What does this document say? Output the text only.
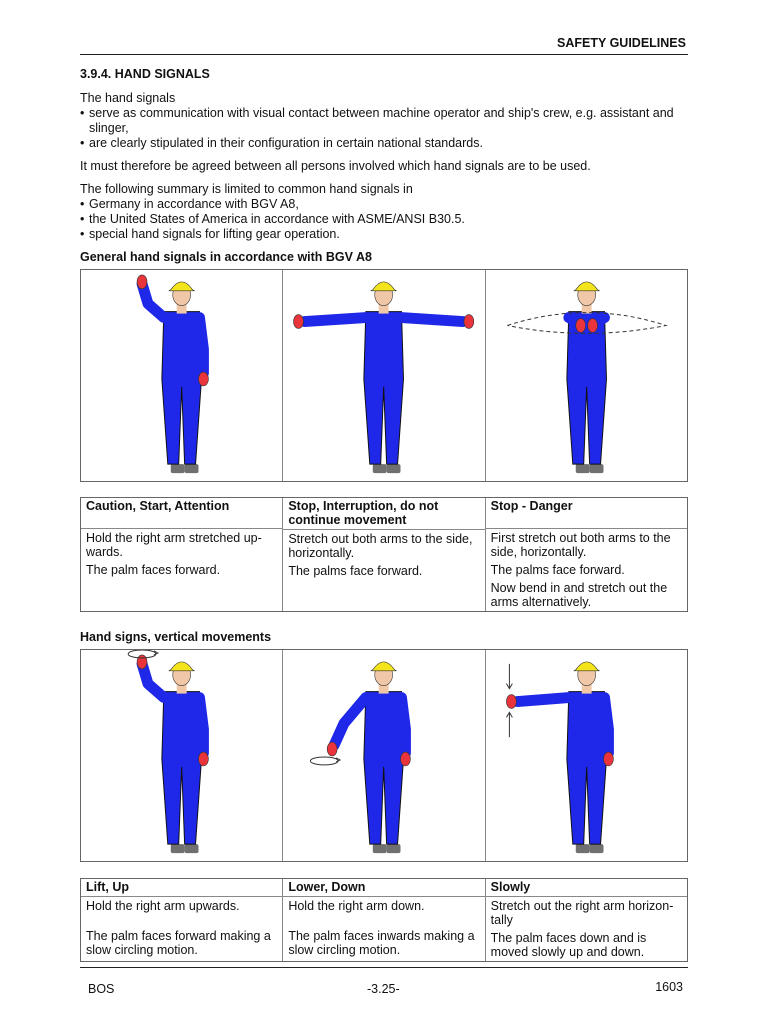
SAFETY GUIDELINES
3.9.4. HAND SIGNALS

The hand signals

• serve as communication with visual contact between machine operator and ship's crew, e.g. assistant and slinger,
• are clearly stipulated in their configuration in certain national standards.

It must therefore be agreed between all persons involved which hand signals are to be used.

The following summary is limited to common hand signals in

• Germany in accordance with BGV A8,
• the United States of America in accordance with ASME/ANSI B30.5.
• special hand signals for lifting gear operation.
General hand signals in accordance with BGV A8
Caution, Start, Attention
Hold the right arm stretched up-wards.
The palm faces forward.
Stop, Interruption, do not continue movement
Stretch out both arms to the side, horizontally.
The palms face forward.
Stop - Danger
First stretch out both arms to the side, horizontally.
The palms face forward.
Now bend in and stretch out the arms alternatively.
Hand signs, vertical movements
Lift, Up
Hold the right arm upwards.
The palm faces forward making a slow circling motion.
Lower, Down
Hold the right arm down.
The palm faces inwards making a slow circling motion.
Slowly
Stretch out the right arm horizon-tally
The palm faces down and is moved slowly up and down.
BOS	-3.25-	1603
